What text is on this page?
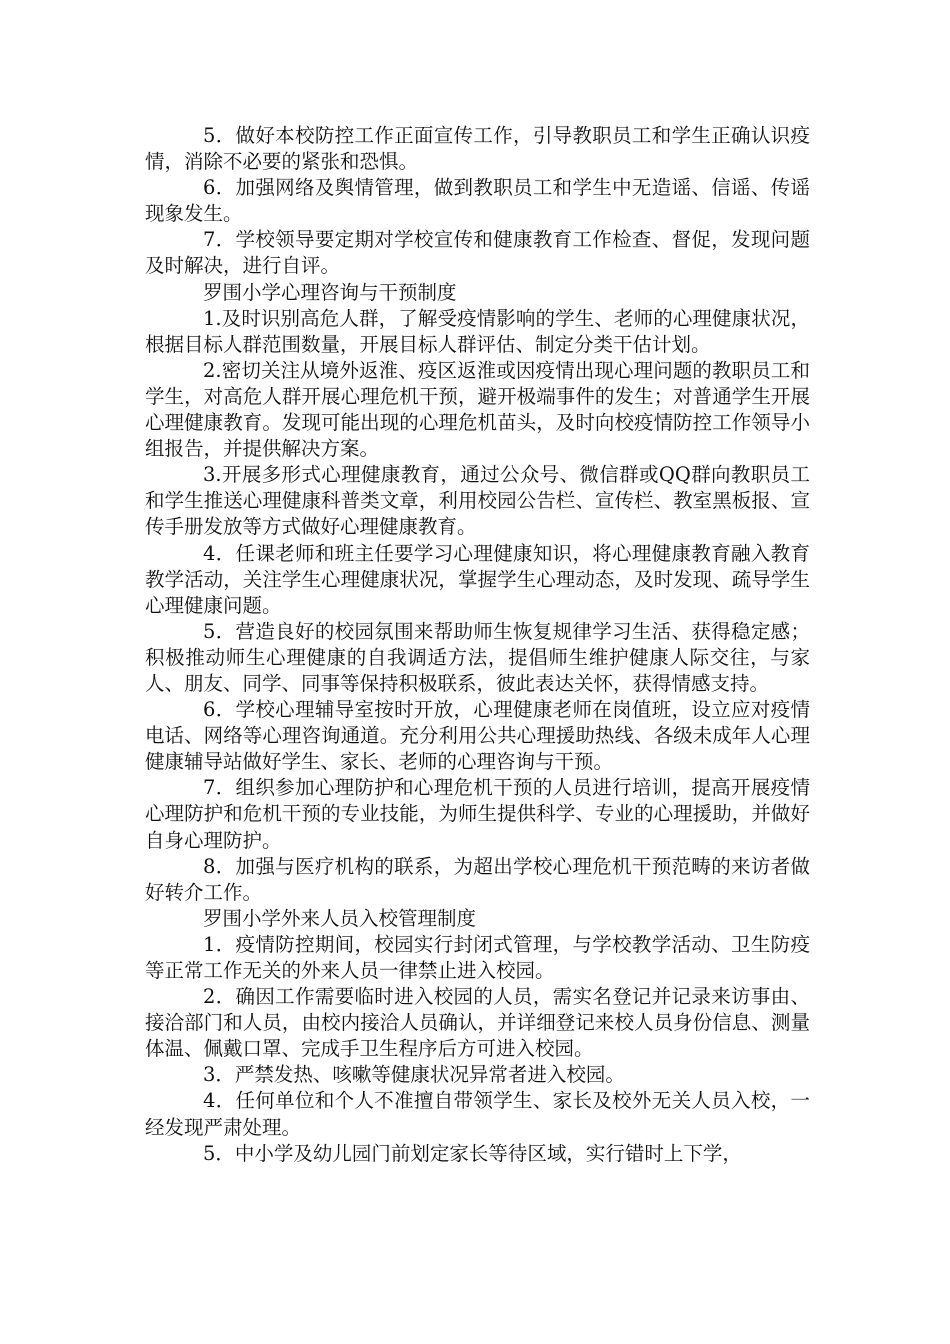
5．做好本校防控工作正面宣传工作，引导教职员工和学生正确认识疫情，消除不必要的紧张和恐惧。

6．加强网络及舆情管理，做到教职员工和学生中无造谣、信谣、传谣现象发生。

7．学校领导要定期对学校宣传和健康教育工作检查、督促，发现问题及时解决，进行自评。

罗围小学心理咨询与干预制度

1.及时识别高危人群，了解受疫情影响的学生、老师的心理健康状况，根据目标人群范围数量，开展目标人群评估、制定分类干估计划。

2.密切关注从境外返淮、疫区返淮或因疫情出现心理问题的教职员工和学生，对高危人群开展心理危机干预，避开极端事件的发生；对普通学生开展心理健康教育。发现可能出现的心理危机苗头，及时向校疫情防控工作领导小组报告，并提供解决方案。

3.开展多形式心理健康教育，通过公众号、微信群或QQ群向教职员工和学生推送心理健康科普类文章，利用校园公告栏、宣传栏、教室黑板报、宣传手册发放等方式做好心理健康教育。

4．任课老师和班主任要学习心理健康知识，将心理健康教育融入教育教学活动，关注学生心理健康状况，掌握学生心理动态，及时发现、疏导学生心理健康问题。

5．营造良好的校园氛围来帮助师生恢复规律学习生活、获得稳定感；积极推动师生心理健康的自我调适方法，提倡师生维护健康人际交往，与家人、朋友、同学、同事等保持积极联系，彼此表达关怀，获得情感支持。

6．学校心理辅导室按时开放，心理健康老师在岗值班，设立应对疫情电话、网络等心理咨询通道。充分利用公共心理援助热线、各级未成年人心理健康辅导站做好学生、家长、老师的心理咨询与干预。

7．组织参加心理防护和心理危机干预的人员进行培训，提高开展疫情心理防护和危机干预的专业技能，为师生提供科学、专业的心理援助，并做好自身心理防护。

8．加强与医疗机构的联系，为超出学校心理危机干预范畴的来访者做好转介工作。

罗围小学外来人员入校管理制度

1．疫情防控期间，校园实行封闭式管理，与学校教学活动、卫生防疫等正常工作无关的外来人员一律禁止进入校园。

2．确因工作需要临时进入校园的人员，需实名登记并记录来访事由、接洽部门和人员，由校内接洽人员确认，并详细登记来校人员身份信息、测量体温、佩戴口罩、完成手卫生程序后方可进入校园。

3．严禁发热、咳嗽等健康状况异常者进入校园。

4．任何单位和个人不准擅自带领学生、家长及校外无关人员入校，一经发现严肃处理。

5．中小学及幼儿园门前划定家长等待区域，实行错时上下学，
